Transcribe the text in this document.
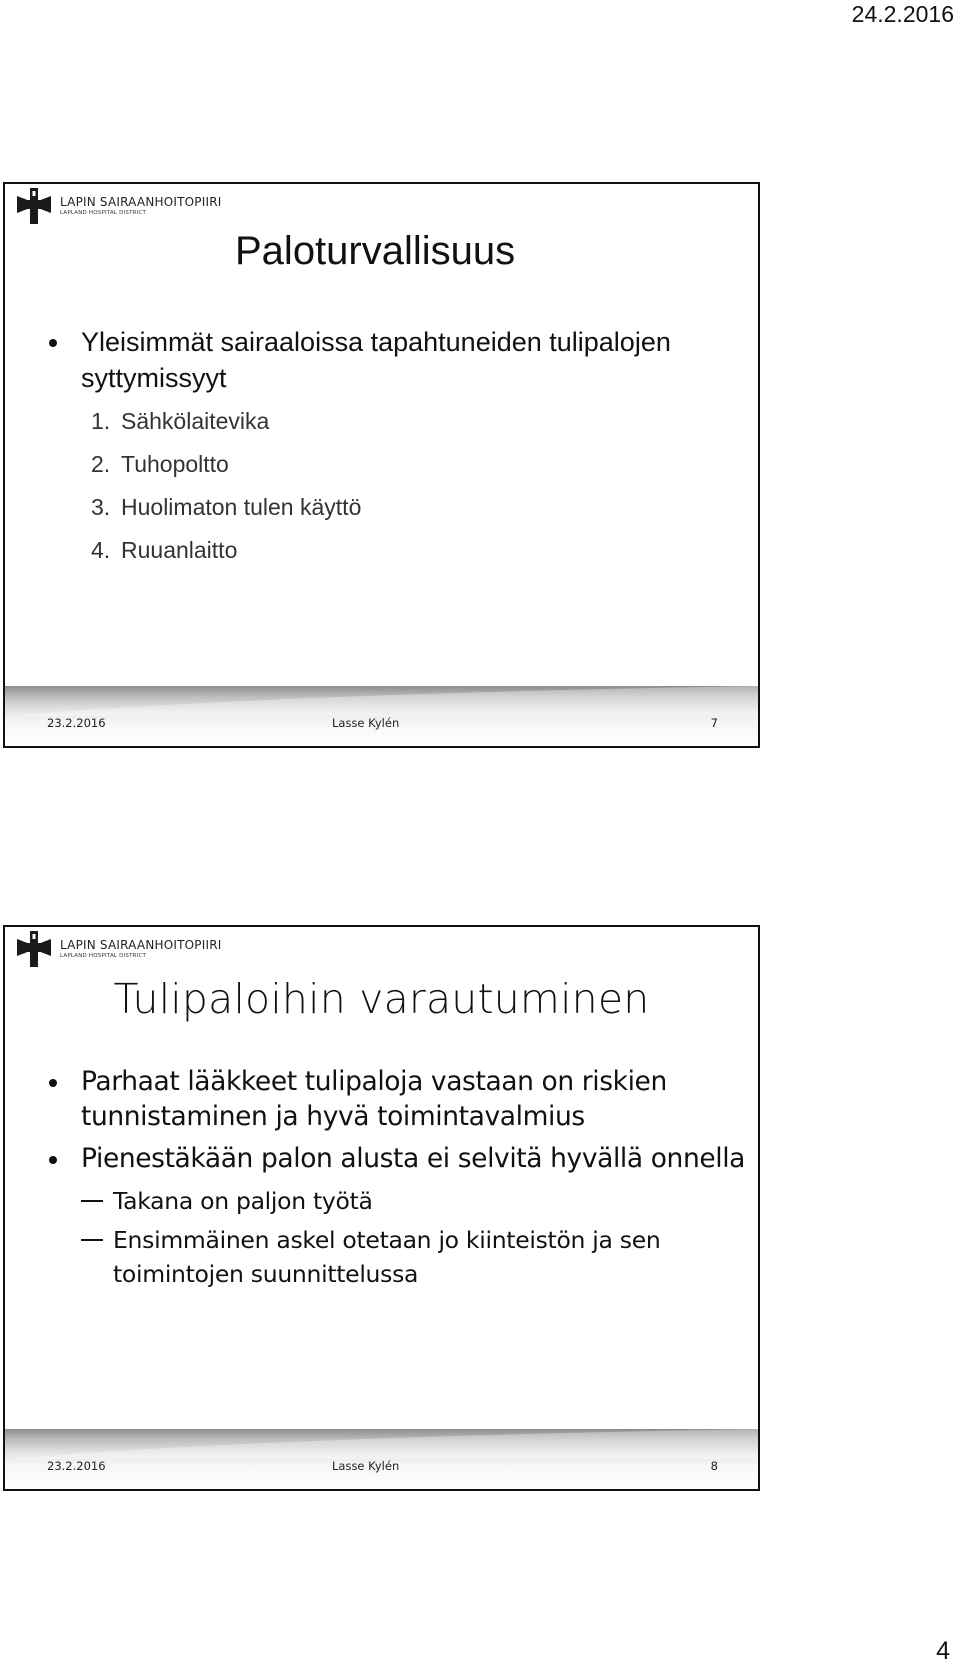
24.2.2016
LAPIN SAIRAANHOITOPIIRI
LAPLAND HOSPITAL DISTRICT
Paloturvallisuus
Yleisimmät sairaaloissa tapahtuneiden tulipalojen syttymissyyt
1. Sähkölaitevika
2. Tuhopoltto
3. Huolimaton tulen käyttö
4. Ruuanlaitto
23.2.2016	Lasse Kylén	7
LAPIN SAIRAANHOITOPIIRI
LAPLAND HOSPITAL DISTRICT
Tulipaloihin varautuminen
Parhaat lääkkeet tulipaloja vastaan on riskien tunnistaminen ja hyvä toimintavalmius
Pienestäkään palon alusta ei selvitä hyvällä onnella
Takana on paljon työtä
Ensimmäinen askel otetaan jo kiinteistön ja sen toimintojen suunnittelussa
23.2.2016	Lasse Kylén	8
4
